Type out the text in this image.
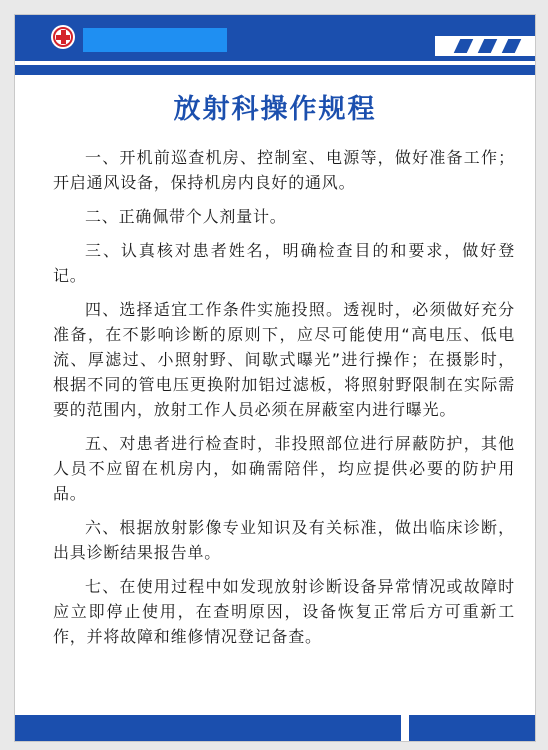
放射科操作规程

一、开机前巡查机房、控制室、电源等，做好准备工作；开启通风设备，保持机房内良好的通风。

二、正确佩带个人剂量计。

三、认真核对患者姓名，明确检查目的和要求，做好登记。

四、选择适宜工作条件实施投照。透视时，必须做好充分准备，在不影响诊断的原则下，应尽可能使用“高电压、低电流、厚滤过、小照射野、间歇式曝光”进行操作；在摄影时，根据不同的管电压更换附加铝过滤板，将照射野限制在实际需要的范围内，放射工作人员必须在屏蔽室内进行曝光。

五、对患者进行检查时，非投照部位进行屏蔽防护，其他人员不应留在机房内，如确需陪伴，均应提供必要的防护用品。

六、根据放射影像专业知识及有关标准，做出临床诊断，出具诊断结果报告单。

七、在使用过程中如发现放射诊断设备异常情况或故障时应立即停止使用，在查明原因，设备恢复正常后方可重新工作，并将故障和维修情况登记备查。
